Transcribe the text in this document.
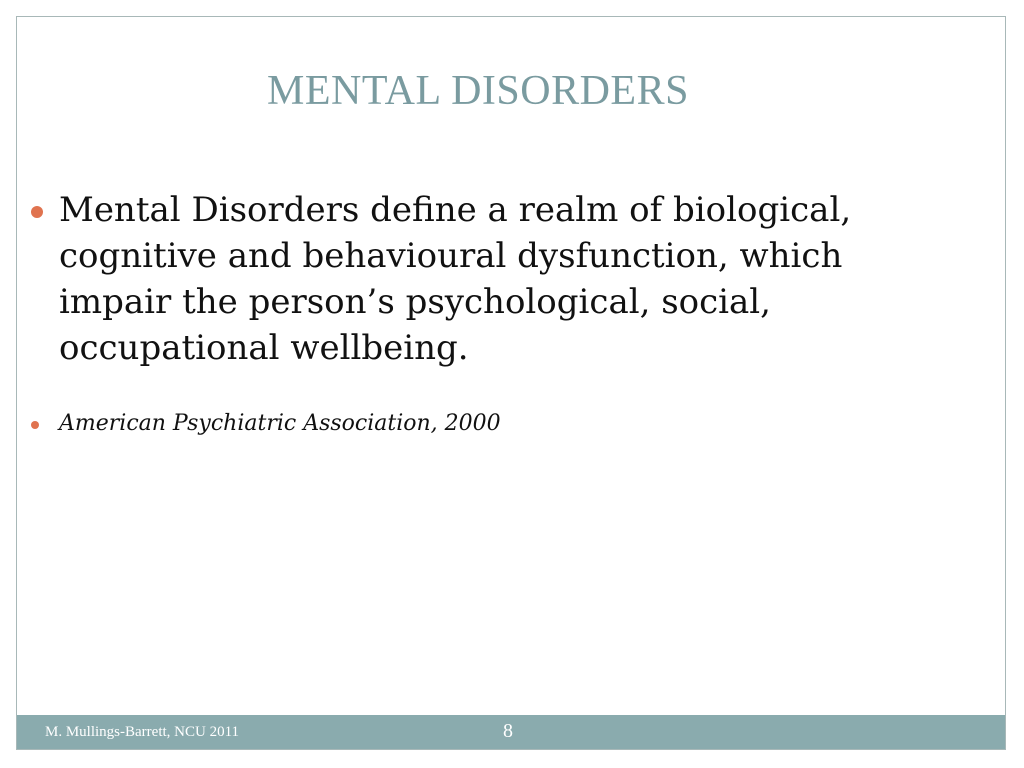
MENTAL DISORDERS
Mental Disorders define a realm of biological, cognitive and behavioural dysfunction, which impair the person’s psychological, social, occupational wellbeing.
American Psychiatric Association, 2000
M. Mullings-Barrett, NCU 2011	8
